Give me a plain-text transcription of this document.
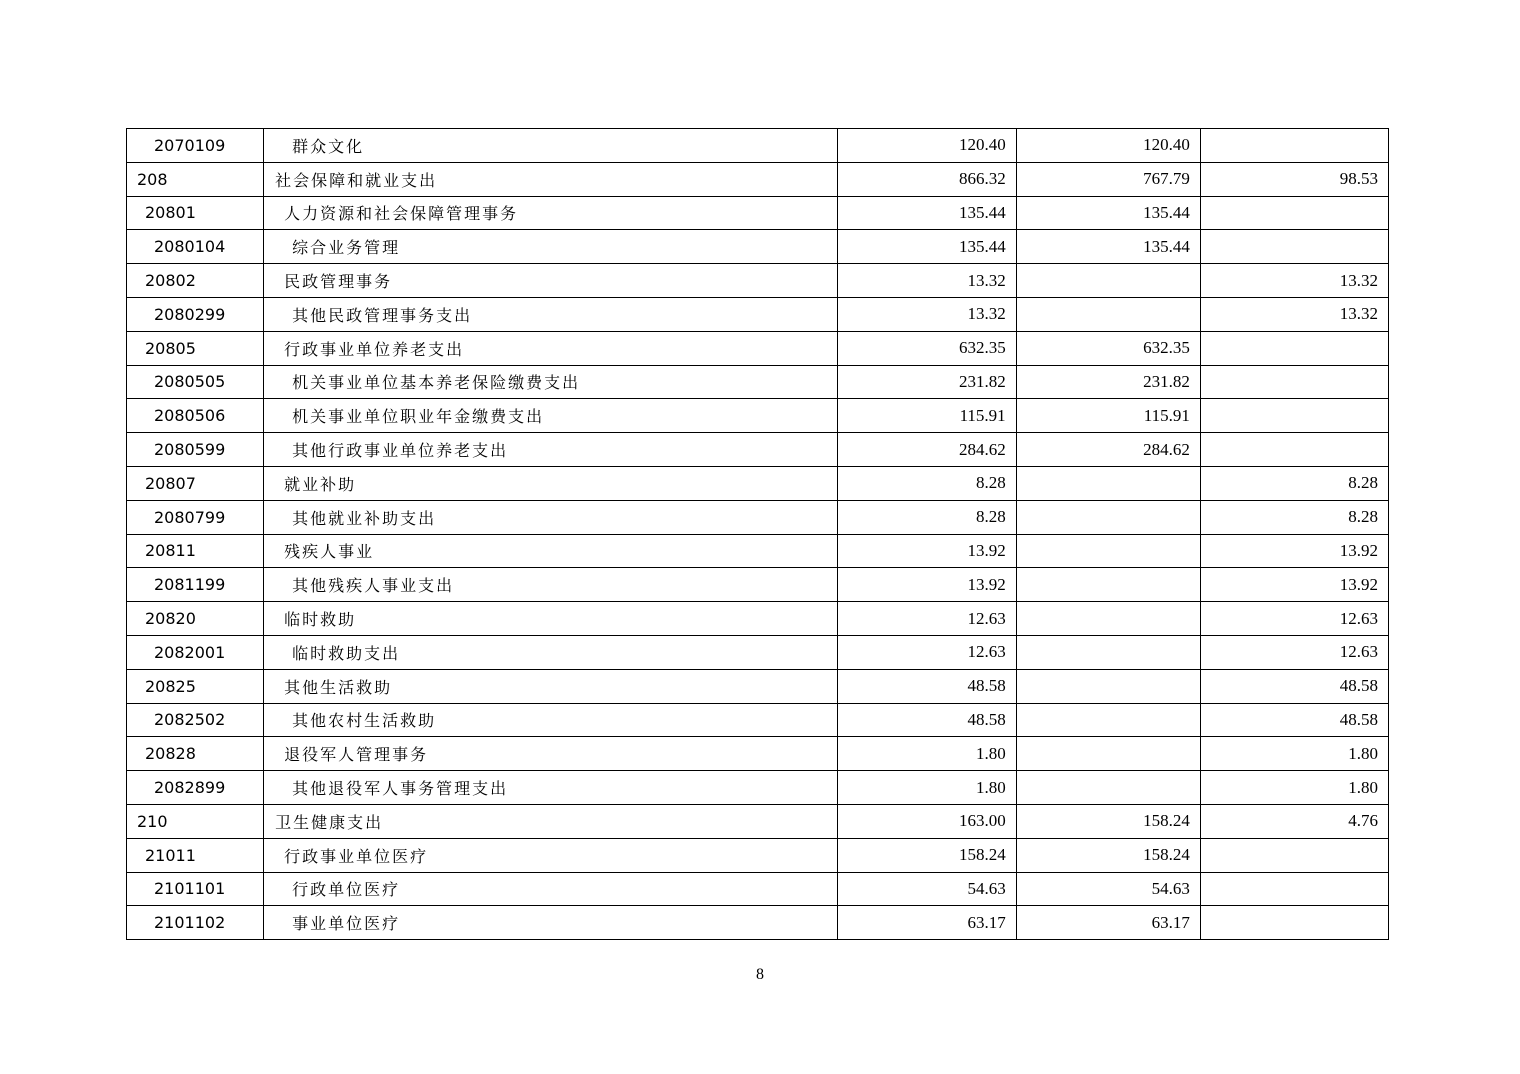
2070109	群众文化	120.40	120.40	
208	社会保障和就业支出	866.32	767.79	98.53
20801	人力资源和社会保障管理事务	135.44	135.44	
2080104	综合业务管理	135.44	135.44	
20802	民政管理事务	13.32		13.32
2080299	其他民政管理事务支出	13.32		13.32
20805	行政事业单位养老支出	632.35	632.35	
2080505	机关事业单位基本养老保险缴费支出	231.82	231.82	
2080506	机关事业单位职业年金缴费支出	115.91	115.91	
2080599	其他行政事业单位养老支出	284.62	284.62	
20807	就业补助	8.28		8.28
2080799	其他就业补助支出	8.28		8.28
20811	残疾人事业	13.92		13.92
2081199	其他残疾人事业支出	13.92		13.92
20820	临时救助	12.63		12.63
2082001	临时救助支出	12.63		12.63
20825	其他生活救助	48.58		48.58
2082502	其他农村生活救助	48.58		48.58
20828	退役军人管理事务	1.80		1.80
2082899	其他退役军人事务管理支出	1.80		1.80
210	卫生健康支出	163.00	158.24	4.76
21011	行政事业单位医疗	158.24	158.24	
2101101	行政单位医疗	54.63	54.63	
2101102	事业单位医疗	63.17	63.17	
8
